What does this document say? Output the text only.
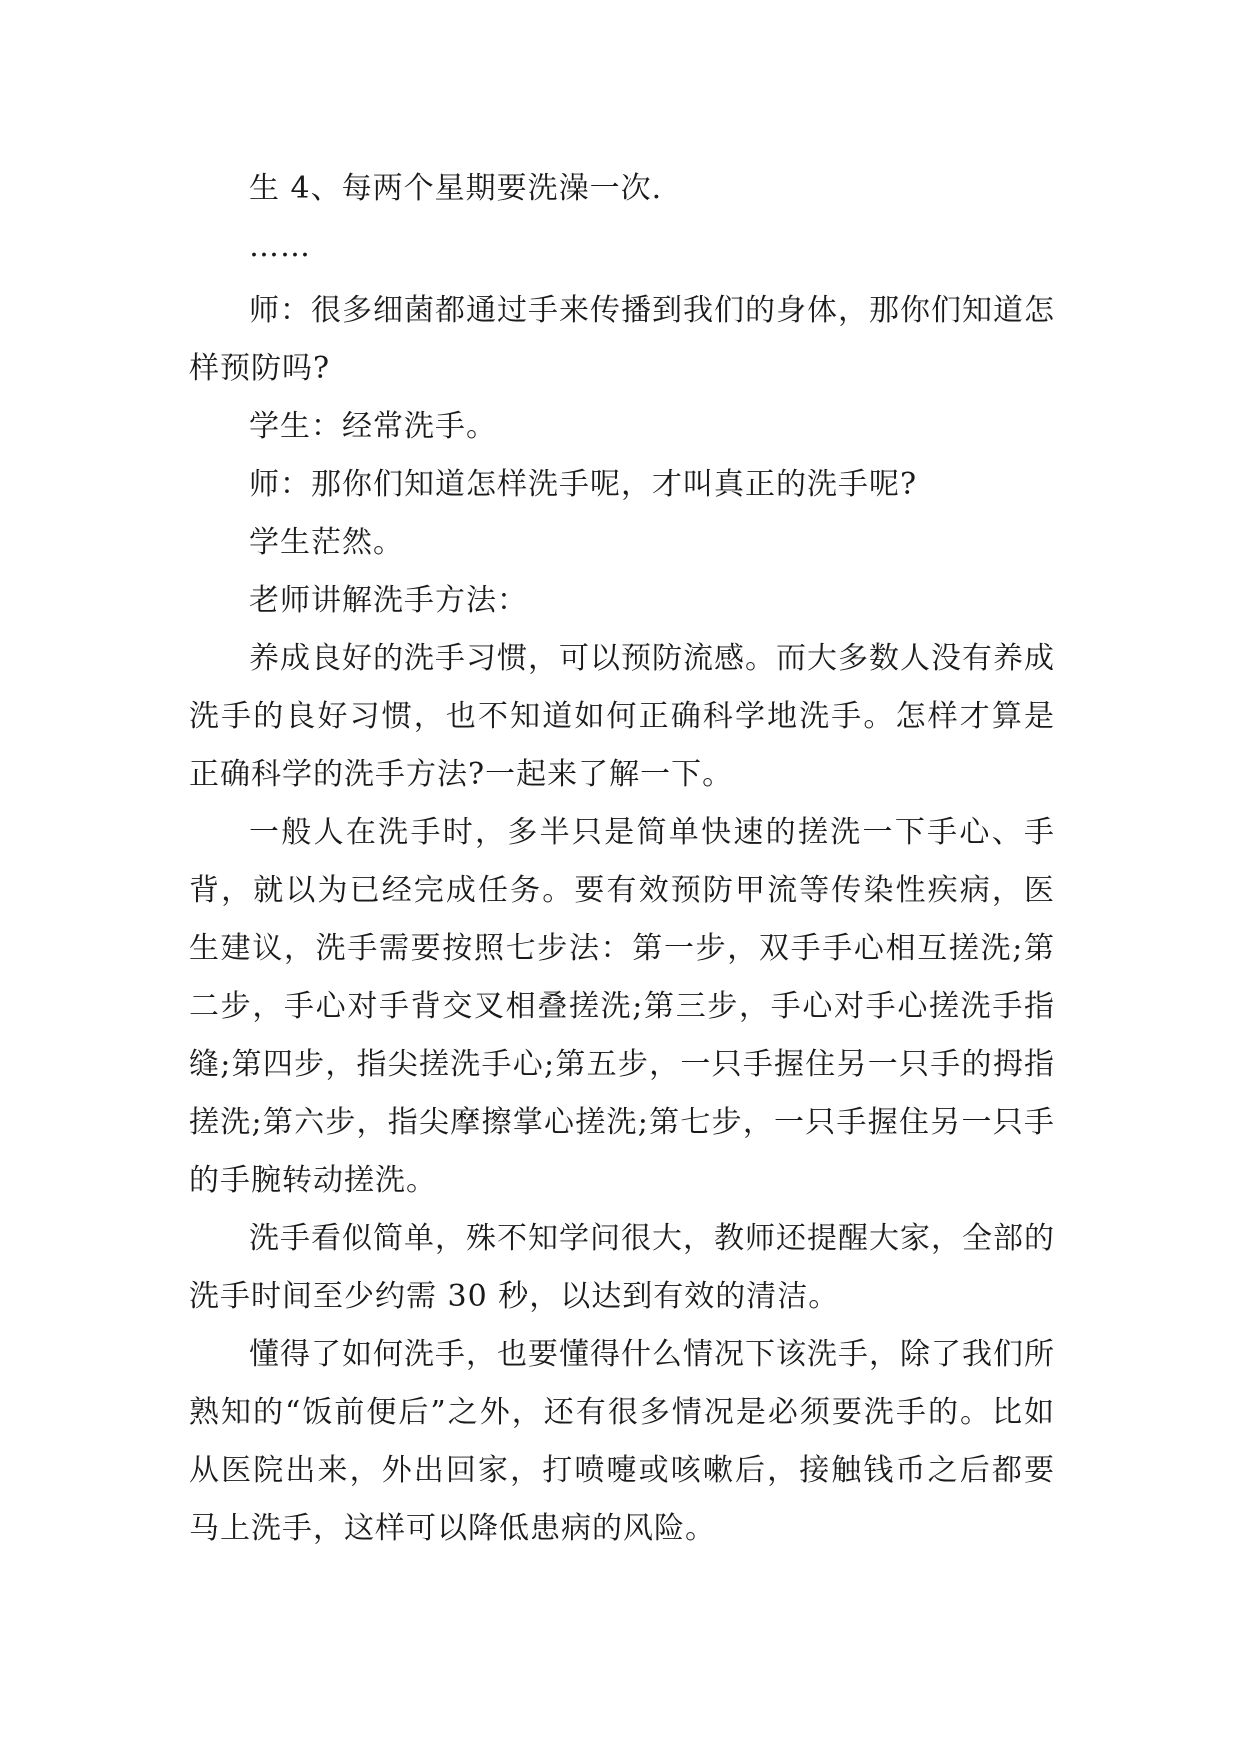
生 4、每两个星期要洗澡一次.

……

师：很多细菌都通过手来传播到我们的身体，那你们知道怎样预防吗?

学生：经常洗手。

师：那你们知道怎样洗手呢，才叫真正的洗手呢?

学生茫然。

老师讲解洗手方法：

养成良好的洗手习惯，可以预防流感。而大多数人没有养成洗手的良好习惯，也不知道如何正确科学地洗手。怎样才算是正确科学的洗手方法?一起来了解一下。

一般人在洗手时，多半只是简单快速的搓洗一下手心、手背，就以为已经完成任务。要有效预防甲流等传染性疾病，医生建议，洗手需要按照七步法：第一步，双手手心相互搓洗;第二步，手心对手背交叉相叠搓洗;第三步，手心对手心搓洗手指缝;第四步，指尖搓洗手心;第五步，一只手握住另一只手的拇指搓洗;第六步，指尖摩擦掌心搓洗;第七步，一只手握住另一只手的手腕转动搓洗。

洗手看似简单，殊不知学问很大，教师还提醒大家，全部的洗手时间至少约需 30 秒，以达到有效的清洁。

懂得了如何洗手，也要懂得什么情况下该洗手，除了我们所熟知的“饭前便后”之外，还有很多情况是必须要洗手的。比如从医院出来，外出回家，打喷嚏或咳嗽后，接触钱币之后都要马上洗手，这样可以降低患病的风险。
